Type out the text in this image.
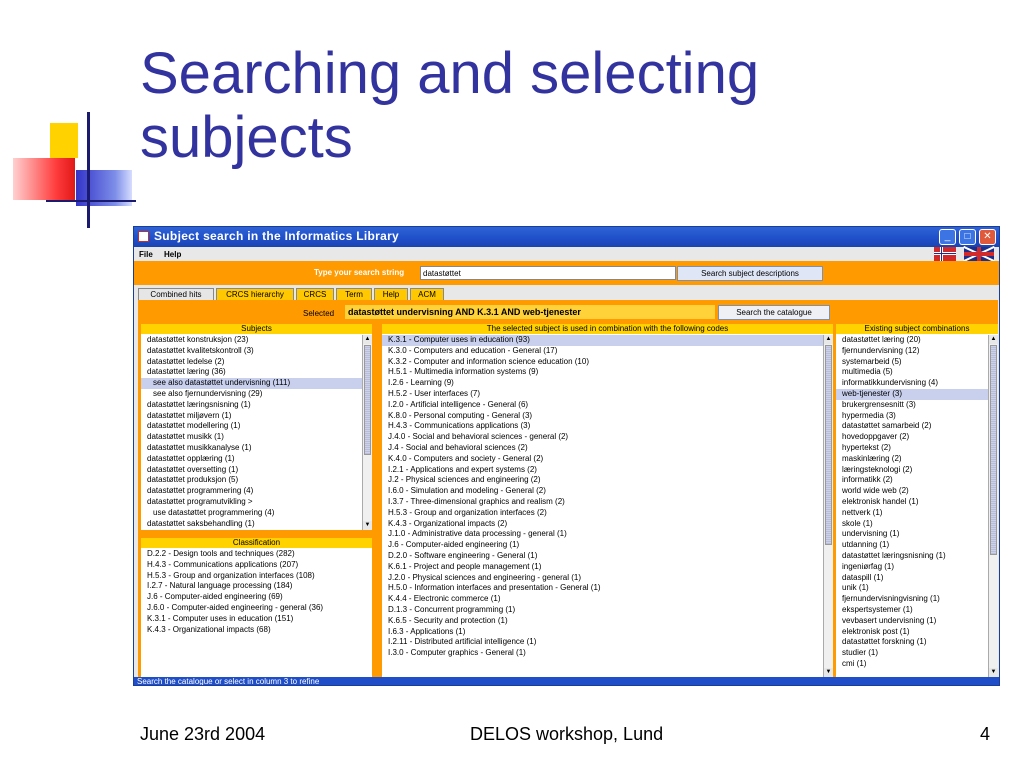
Searching and selecting subjects
Subject search in the Informatics Library	_	□	✕
File Help
Type your search string
datastøttet	Search subject descriptions
Combined hits	CRCS hierarchy	CRCS	Term	Help	ACM
Selected	datastøttet undervisning AND K.3.1 AND web-tjenester	Search the catalogue
Subjects
datastøttet konstruksjon (23)
datastøttet kvalitetskontroll (3)
datastøttet ledelse (2)
datastøttet læring (36)
see also datastøttet undervisning (111)
see also fjernundervisning (29)
datastøttet læringsnisning (1)
datastøttet miljøvern (1)
datastøttet modellering (1)
datastøttet musikk (1)
datastøttet musikkanalyse (1)
datastøttet opplæring (1)
datastøttet oversetting (1)
datastøttet produksjon (5)
datastøttet programmering (4)
datastøttet programutvikling >
use datastøttet programmering (4)
datastøttet saksbehandling (1)
▲
▼
Classification
D.2.2 - Design tools and techniques (282)
H.4.3 - Communications applications (207)
H.5.3 - Group and organization interfaces (108)
I.2.7 - Natural language processing (184)
J.6 - Computer-aided engineering (69)
J.6.0 - Computer-aided engineering - general (36)
K.3.1 - Computer uses in education (151)
K.4.3 - Organizational impacts (68)
The selected subject is used in combination with the following codes
K.3.1 - Computer uses in education (93)
K.3.0 - Computers and education - General (17)
K.3.2 - Computer and information science education (10)
H.5.1 - Multimedia information systems (9)
I.2.6 - Learning (9)
H.5.2 - User interfaces (7)
I.2.0 - Artificial intelligence - General (6)
K.8.0 - Personal computing - General (3)
H.4.3 - Communications applications (3)
J.4.0 - Social and behavioral sciences - general (2)
J.4 - Social and behavioral sciences (2)
K.4.0 - Computers and society - General (2)
I.2.1 - Applications and expert systems (2)
J.2 - Physical sciences and engineering (2)
I.6.0 - Simulation and modeling - General (2)
I.3.7 - Three-dimensional graphics and realism (2)
H.5.3 - Group and organization interfaces (2)
K.4.3 - Organizational impacts (2)
J.1.0 - Administrative data processing - general (1)
J.6 - Computer-aided engineering (1)
D.2.0 - Software engineering - General (1)
K.6.1 - Project and people management (1)
J.2.0 - Physical sciences and engineering - general (1)
H.5.0 - Information interfaces and presentation - General (1)
K.4.4 - Electronic commerce (1)
D.1.3 - Concurrent programming (1)
K.6.5 - Security and protection (1)
I.6.3 - Applications (1)
I.2.11 - Distributed artificial intelligence (1)
I.3.0 - Computer graphics - General (1)
▲
▼
Existing subject combinations
datastøttet læring (20)
fjernundervisning (12)
systemarbeid (5)
multimedia (5)
informatikkundervisning (4)
web-tjenester (3)
brukergrensesnitt (3)
hypermedia (3)
datastøttet samarbeid (2)
hovedoppgaver (2)
hypertekst (2)
maskinlæring (2)
læringsteknologi (2)
informatikk (2)
world wide web (2)
elektronisk handel (1)
nettverk (1)
skole (1)
undervisning (1)
utdanning (1)
datastøttet læringsnisning (1)
ingeniørfag (1)
dataspill (1)
unik (1)
fjernundervisningvisning (1)
ekspertsystemer (1)
vevbasert undervisning (1)
elektronisk post (1)
datastøttet forskning (1)
studier (1)
cmi (1)
▲
▼
Search the catalogue or select in column 3 to refine
June 23rd 2004	DELOS workshop, Lund	4
